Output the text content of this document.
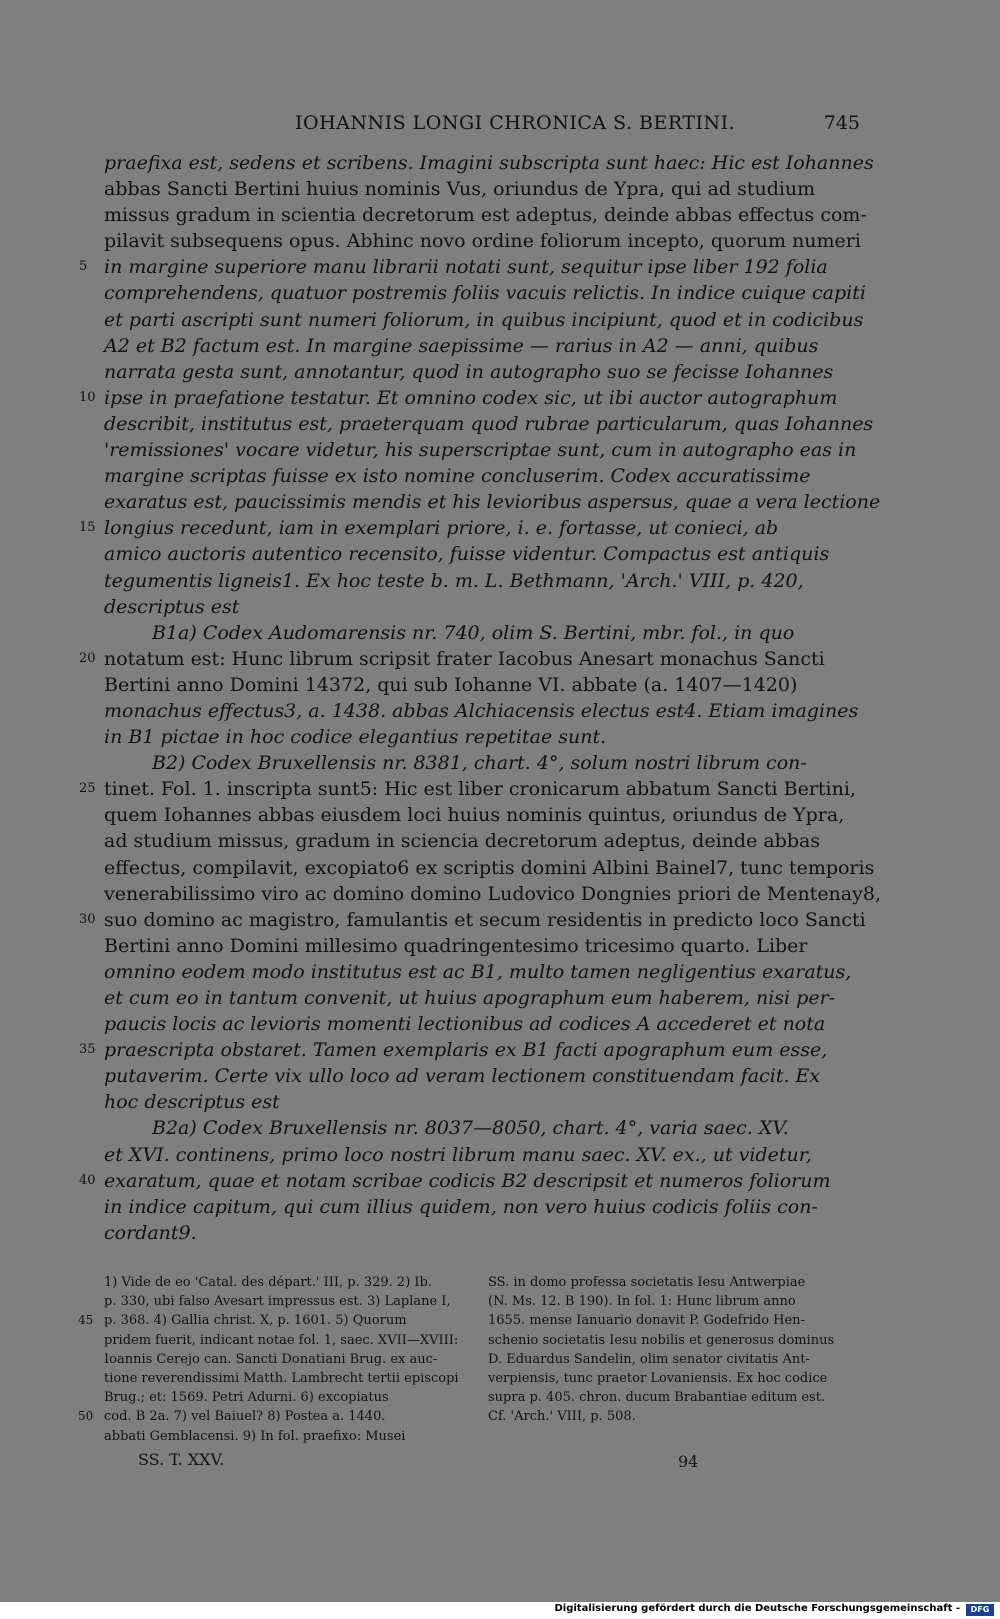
IOHANNIS LONGI CHRONICA S. BERTINI.	745
praefixa est, sedens et scribens. Imagini subscripta sunt haec: Hic est Iohannes
abbas Sancti Bertini huius nominis Vus, oriundus de Ypra, qui ad studium
missus gradum in scientia decretorum est adeptus, deinde abbas effectus com-
pilavit subsequens opus. Abhinc novo ordine foliorum incepto, quorum numeri
5 in margine superiore manu librarii notati sunt, sequitur ipse liber 192 folia
comprehendens, quatuor postremis foliis vacuis relictis. In indice cuique capiti
et parti ascripti sunt numeri foliorum, in quibus incipiunt, quod et in codicibus
A2 et B2 factum est. In margine saepissime — rarius in A2 — anni, quibus
narrata gesta sunt, annotantur, quod in autographo suo se fecisse Iohannes
10 ipse in praefatione testatur. Et omnino codex sic, ut ibi auctor autographum
describit, institutus est, praeterquam quod rubrae particularum, quas Iohannes
'remissiones' vocare videtur, his superscriptae sunt, cum in autographo eas in
margine scriptas fuisse ex isto nomine concluserim. Codex accuratissime
exaratus est, paucissimis mendis et his levioribus aspersus, quae a vera lectione
15 longius recedunt, iam in exemplari priore, i. e. fortasse, ut conieci, ab
amico auctoris autentico recensito, fuisse videntur. Compactus est antiquis
tegumentis ligneis1. Ex hoc teste b. m. L. Bethmann, 'Arch.' VIII, p. 420,
descriptus est
B1a) Codex Audomarensis nr. 740, olim S. Bertini, mbr. fol., in quo
20 notatum est: Hunc librum scripsit frater Iacobus Anesart monachus Sancti
Bertini anno Domini 14372, qui sub Iohanne VI. abbate (a. 1407—1420)
monachus effectus3, a. 1438. abbas Alchiacensis electus est4. Etiam imagines
in B1 pictae in hoc codice elegantius repetitae sunt.
B2) Codex Bruxellensis nr. 8381, chart. 4°, solum nostri librum con-
25 tinet. Fol. 1. inscripta sunt5: Hic est liber cronicarum abbatum Sancti Bertini,
quem Iohannes abbas eiusdem loci huius nominis quintus, oriundus de Ypra,
ad studium missus, gradum in sciencia decretorum adeptus, deinde abbas
effectus, compilavit, excopiato6 ex scriptis domini Albini Bainel7, tunc temporis
venerabilissimo viro ac domino domino Ludovico Dongnies priori de Mentenay8,
30 suo domino ac magistro, famulantis et secum residentis in predicto loco Sancti
Bertini anno Domini millesimo quadringentesimo tricesimo quarto. Liber
omnino eodem modo institutus est ac B1, multo tamen negligentius exaratus,
et cum eo in tantum convenit, ut huius apographum eum haberem, nisi per-
paucis locis ac levioris momenti lectionibus ad codices A accederet et nota
35 praescripta obstaret. Tamen exemplaris ex B1 facti apographum eum esse,
putaverim. Certe vix ullo loco ad veram lectionem constituendam facit. Ex
hoc descriptus est
B2a) Codex Bruxellensis nr. 8037—8050, chart. 4°, varia saec. XV.
et XVI. continens, primo loco nostri librum manu saec. XV. ex., ut videtur,
40 exaratum, quae et notam scribae codicis B2 descripsit et numeros foliorum
in indice capitum, qui cum illius quidem, non vero huius codicis foliis con-
cordant9.
1) Vide de eo 'Catal. des départ.' III, p. 329. 2) Ib.
p. 330, ubi falso Avesart impressus est. 3) Laplane I,
45 p. 368. 4) Gallia christ. X, p. 1601. 5) Quorum
pridem fuerit, indicant notae fol. 1, saec. XVII—XVIII:
Ioannis Cerejo can. Sancti Donatiani Brug. ex auc-
tione reverendissimi Matth. Lambrecht tertii episcopi
Brug.; et: 1569. Petri Adurni. 6) excopiatus
50 cod. B 2a. 7) vel Baiuel? 8) Postea a. 1440.
abbati Gemblacensi. 9) In fol. praefixo: Musei
SS. in domo professa societatis Iesu Antwerpiae
(N. Ms. 12. B 190). In fol. 1: Hunc librum anno
1655. mense Ianuario donavit P. Godefrido Hen-
schenio societatis Iesu nobilis et generosus dominus
D. Eduardus Sandelin, olim senator civitatis Ant-
verpiensis, tunc praetor Lovaniensis. Ex hoc codice
supra p. 405. chron. ducum Brabantiae editum est.
Cf. 'Arch.' VIII, p. 508.
SS. T. XXV.	94
Digitalisierung gefördert durch die Deutsche Forschungsgemeinschaft -	DFG
